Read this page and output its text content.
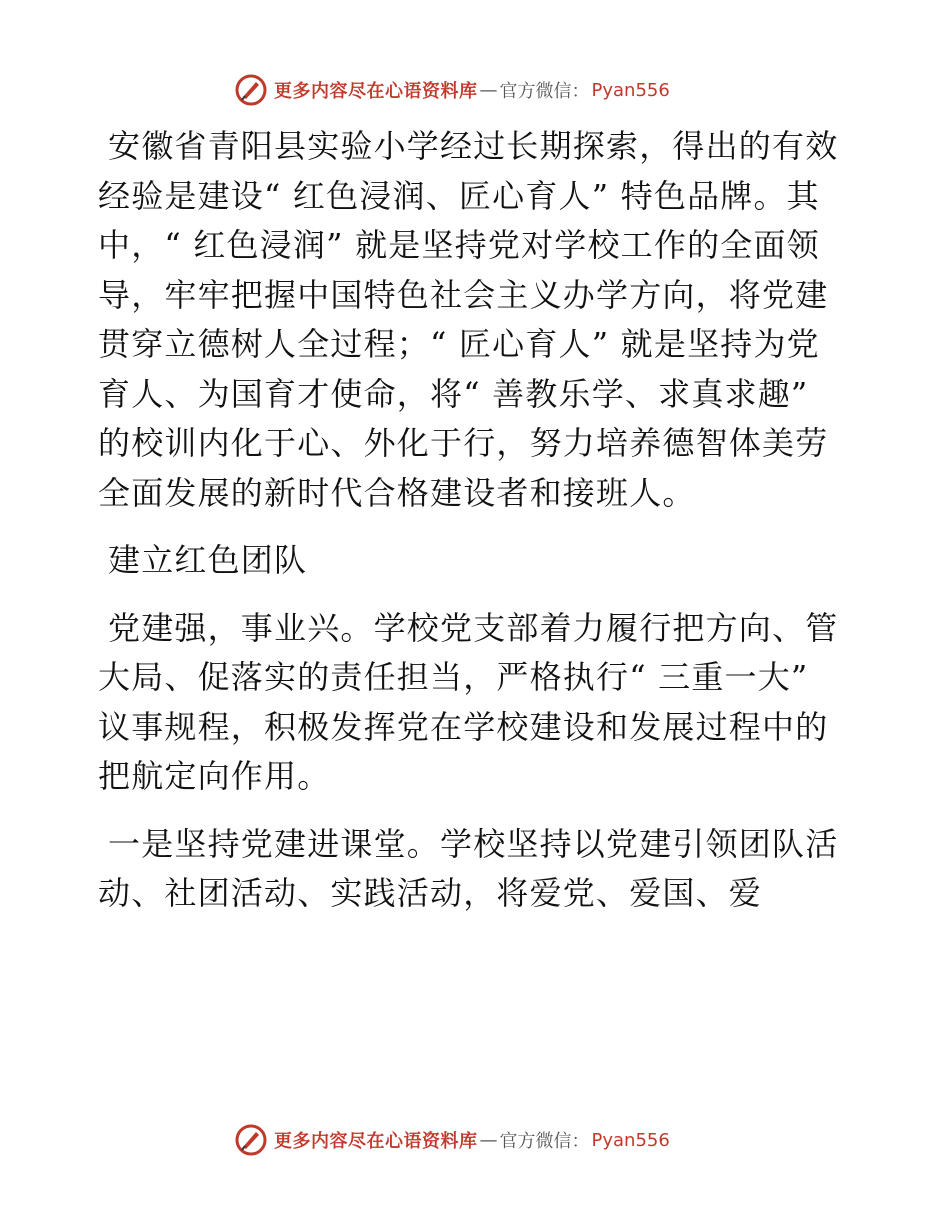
更多内容尽在心语资料库 — 官方微信： Pyan556

安徽省青阳县实验小学经过长期探索，得出的有效经验是建设“ 红色浸润、匠心育人” 特色品牌。其中，“ 红色浸润” 就是坚持党对学校工作的全面领导，牢牢把握中国特色社会主义办学方向，将党建贯穿立德树人全过程；“ 匠心育人” 就是坚持为党育人、为国育才使命，将“ 善教乐学、求真求趣” 的校训内化于心、外化于行，努力培养德智体美劳全面发展的新时代合格建设者和接班人。

建立红色团队

党建强，事业兴。学校党支部着力履行把方向、管大局、促落实的责任担当，严格执行“ 三重一大” 议事规程，积极发挥党在学校建设和发展过程中的把航定向作用。

一是坚持党建进课堂。学校坚持以党建引领团队活动、社团活动、实践活动，将爱党、爱国、爱

更多内容尽在心语资料库 — 官方微信： Pyan556
